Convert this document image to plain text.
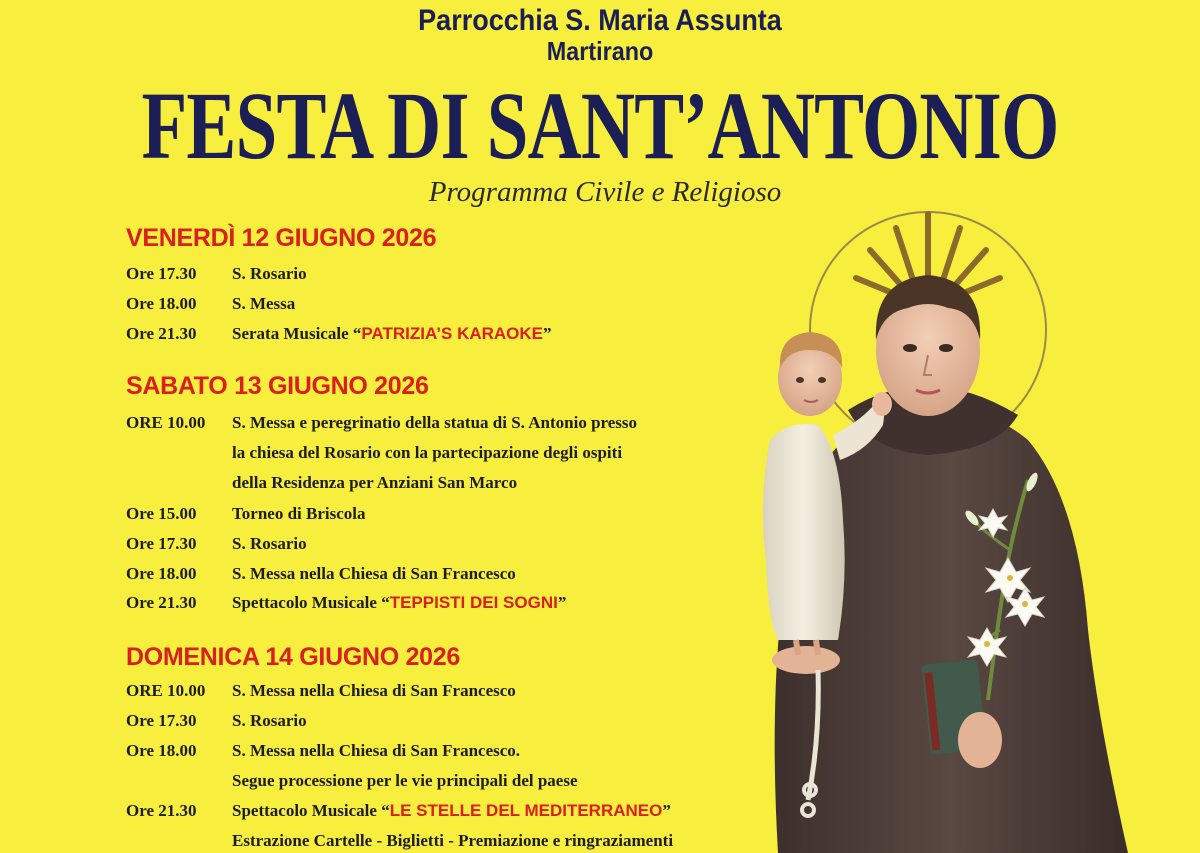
Parrocchia S. Maria Assunta
Martirano
FESTA DI SANT’ANTONIO
Programma Civile e Religioso
VENERDÌ 12 GIUGNO 2026
Ore 17.30	S. Rosario
Ore 18.00	S. Messa
Ore 21.30	Serata Musicale “PATRIZIA’S KARAOKE”
SABATO 13 GIUGNO 2026
ORE 10.00	S. Messa e peregrinatio della statua di S. Antonio presso
la chiesa del Rosario con la partecipazione degli ospiti
della Residenza per Anziani San Marco
Ore 15.00	Torneo di Briscola
Ore 17.30	S. Rosario
Ore 18.00	S. Messa nella Chiesa di San Francesco
Ore 21.30	Spettacolo Musicale “TEPPISTI DEI SOGNI”
DOMENICA 14 GIUGNO 2026
ORE 10.00	S. Messa nella Chiesa di San Francesco
Ore 17.30	S. Rosario
Ore 18.00	S. Messa nella Chiesa di San Francesco.
Segue processione per le vie principali del paese
Ore 21.30	Spettacolo Musicale “LE STELLE DEL MEDITERRANEO”
Estrazione Cartelle - Biglietti - Premiazione e ringraziamenti
